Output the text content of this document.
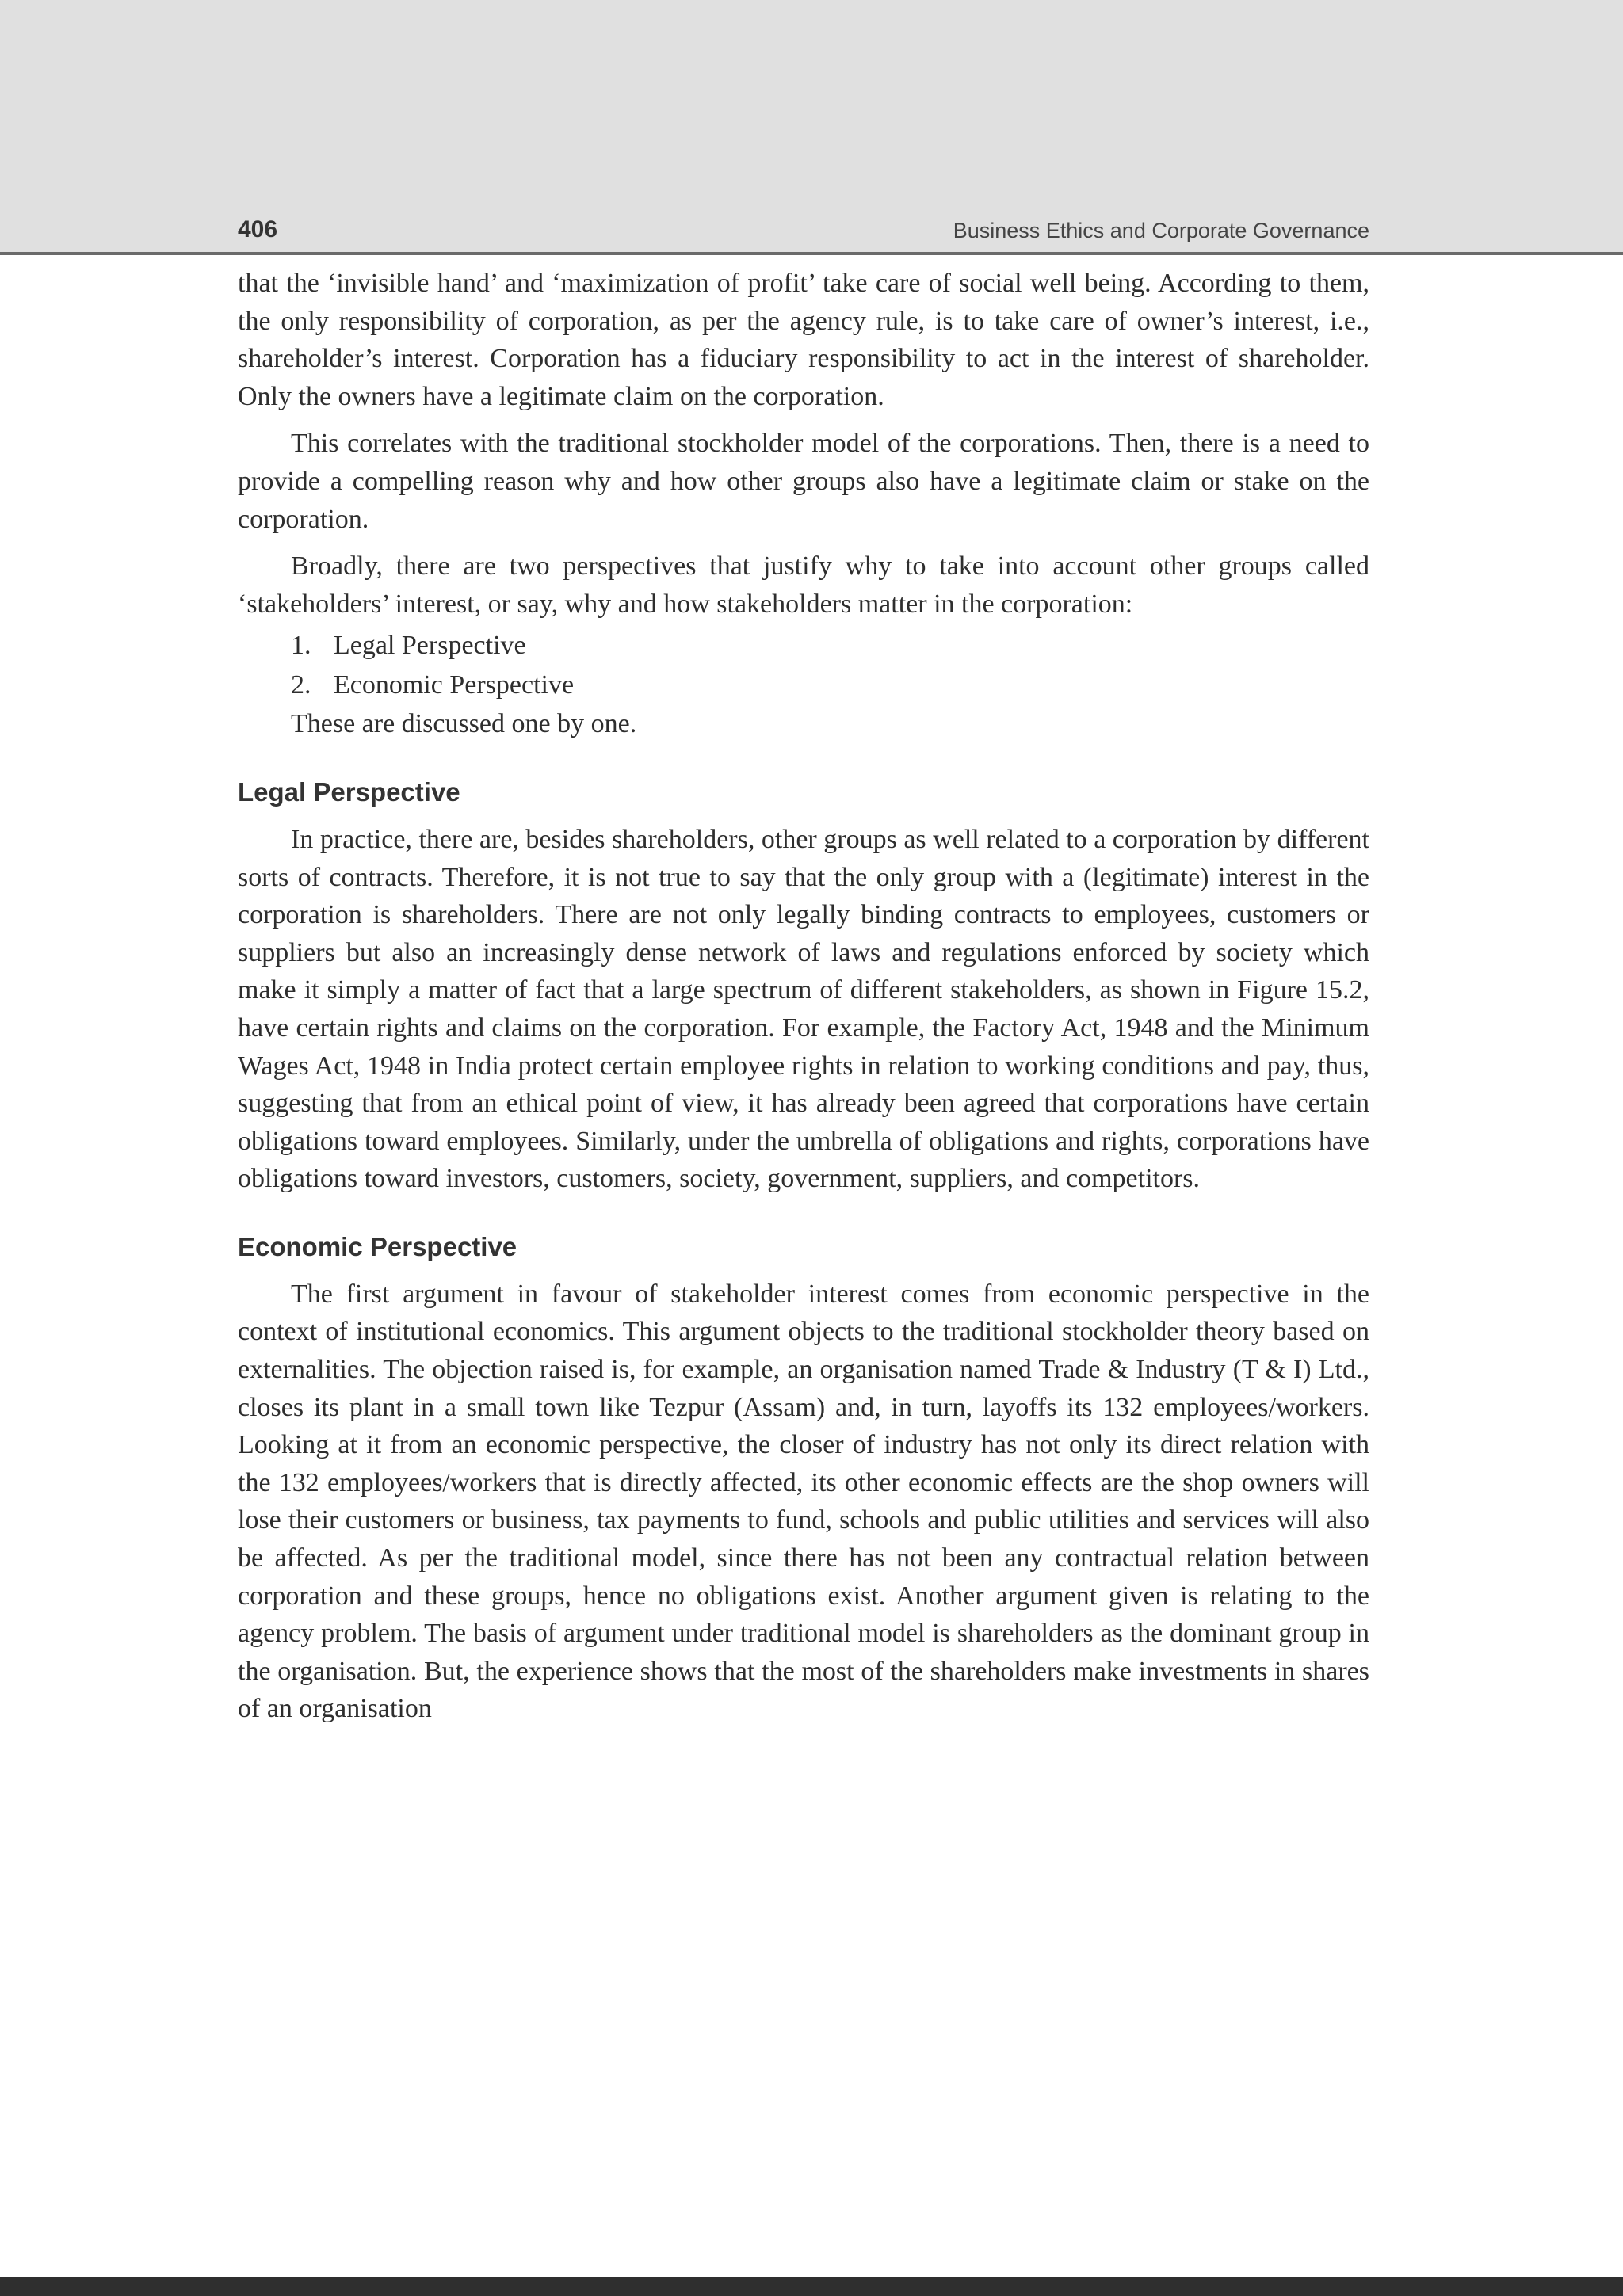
406	Business Ethics and Corporate Governance

that the ‘invisible hand’ and ‘maximization of profit’ take care of social well being. According to them, the only responsibility of corporation, as per the agency rule, is to take care of owner’s interest, i.e., shareholder’s interest. Corporation has a fiduciary responsibility to act in the interest of shareholder. Only the owners have a legitimate claim on the corporation.

This correlates with the traditional stockholder model of the corporations. Then, there is a need to provide a compelling reason why and how other groups also have a legitimate claim or stake on the corporation.

Broadly, there are two perspectives that justify why to take into account other groups called ‘stakeholders’ interest, or say, why and how stakeholders matter in the corporation:

1. Legal Perspective
2. Economic Perspective

These are discussed one by one.

Legal Perspective

In practice, there are, besides shareholders, other groups as well related to a corporation by different sorts of contracts. Therefore, it is not true to say that the only group with a (legitimate) interest in the corporation is shareholders. There are not only legally binding contracts to employees, customers or suppliers but also an increasingly dense network of laws and regulations enforced by society which make it simply a matter of fact that a large spectrum of different stakeholders, as shown in Figure 15.2, have certain rights and claims on the corporation. For example, the Factory Act, 1948 and the Minimum Wages Act, 1948 in India protect certain employee rights in relation to working conditions and pay, thus, suggesting that from an ethical point of view, it has already been agreed that corporations have certain obligations toward employees. Similarly, under the umbrella of obligations and rights, corporations have obligations toward investors, customers, society, government, suppliers, and competitors.

Economic Perspective

The first argument in favour of stakeholder interest comes from economic perspective in the context of institutional economics. This argument objects to the traditional stockholder theory based on externalities. The objection raised is, for example, an organisation named Trade & Industry (T & I) Ltd., closes its plant in a small town like Tezpur (Assam) and, in turn, layoffs its 132 employees/workers. Looking at it from an economic perspective, the closer of industry has not only its direct relation with the 132 employees/workers that is directly affected, its other economic effects are the shop owners will lose their customers or business, tax payments to fund, schools and public utilities and services will also be affected. As per the traditional model, since there has not been any contractual relation between corporation and these groups, hence no obligations exist. Another argument given is relating to the agency problem. The basis of argument under traditional model is shareholders as the dominant group in the organisation. But, the experience shows that the most of the shareholders make investments in shares of an organisation
